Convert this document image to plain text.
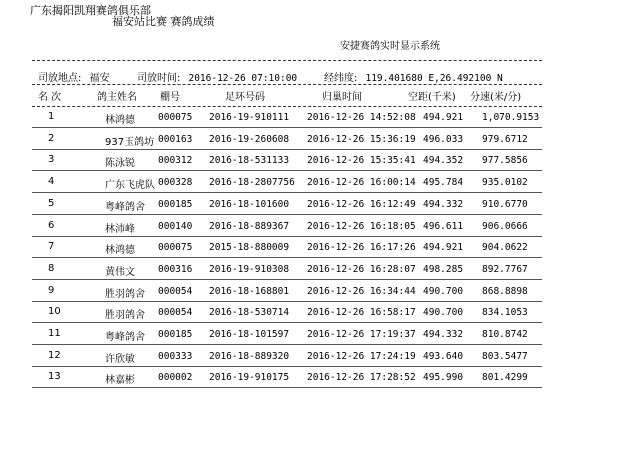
广东揭阳凯翔赛鸽俱乐部
福安站比赛 赛鸽成绩
安捷赛鸽实时显示系统
司放地点: 福安	司放时间: 2016-12-26 07:10:00	经纬度: 119.401680 E,26.492100 N
名 次	鸽主姓名 棚号	足环号码	归巢时间	空距(千米) 分速(米/分)
1	林鸿德 000075 2016-19-910111 2016-12-26 14:52:08 494.921 1,070.9153
2	937玉鸽坊 000163 2016-19-260608 2016-12-26 15:36:19 496.033 979.6712
3	陈泳锐 000312 2016-18-531133 2016-12-26 15:35:41 494.352 977.5856
4	广东飞虎队 000328 2016-18-2807756 2016-12-26 16:00:14 495.784 935.0102
5	粤峰鸽舍 000185 2016-18-101600 2016-12-26 16:12:49 494.332 910.6770
6	林沛峰 000140 2016-18-889367 2016-12-26 16:18:05 496.611 906.0666
7	林鸿德 000075 2015-18-880009 2016-12-26 16:17:26 494.921 904.0622
8	黄伟文 000316 2016-19-910308 2016-12-26 16:28:07 498.285 892.7767
9	胜羽鸽舍 000054 2016-18-168801 2016-12-26 16:34:44 490.700 868.8898
10	胜羽鸽舍 000054 2016-18-530714 2016-12-26 16:58:17 490.700 834.1053
11	粤峰鸽舍 000185 2016-18-101597 2016-12-26 17:19:37 494.332 810.8742
12	许欣敏 000333 2016-18-889320 2016-12-26 17:24:19 493.640 803.5477
13	林嘉彬 000002 2016-19-910175 2016-12-26 17:28:52 495.990 801.4299
